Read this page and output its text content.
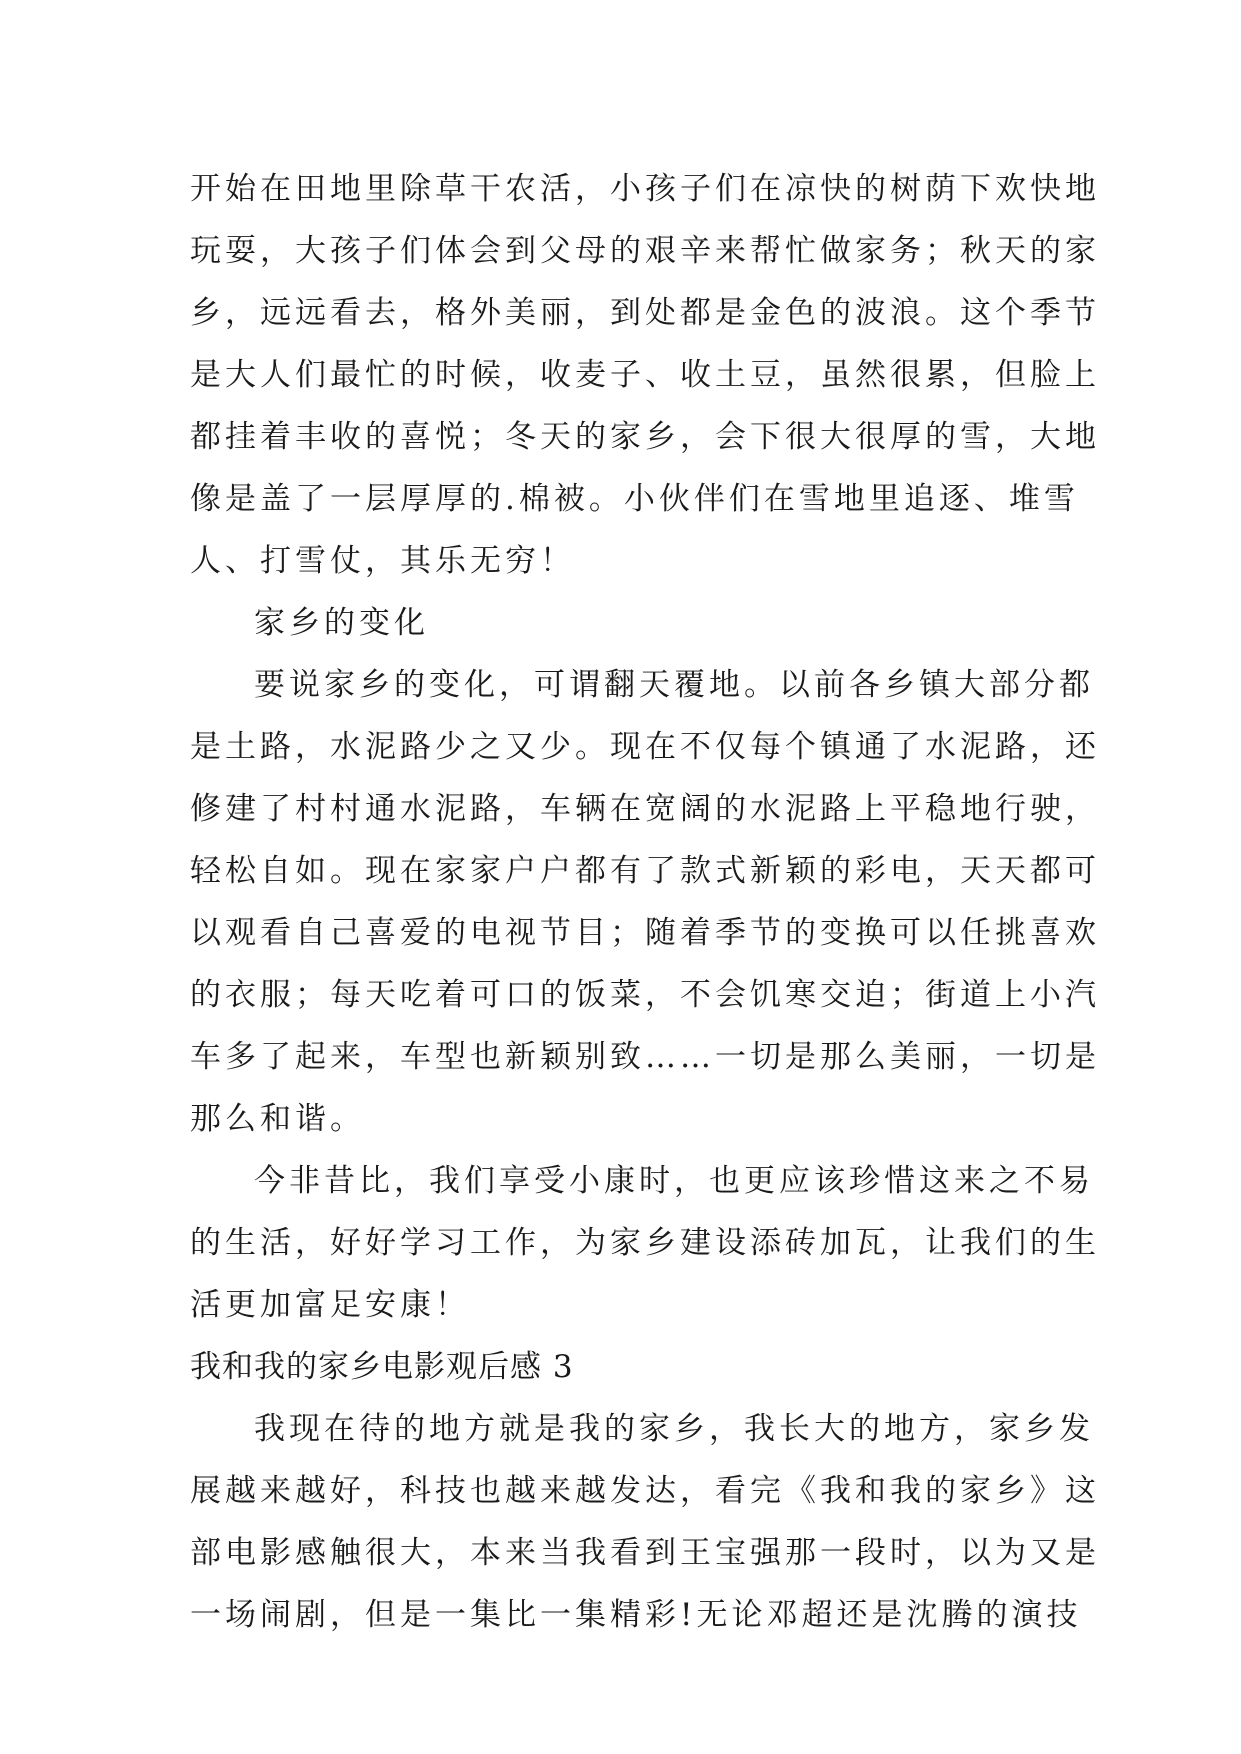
开始在田地里除草干农活，小孩子们在凉快的树荫下欢快地
玩耍，大孩子们体会到父母的艰辛来帮忙做家务；秋天的家
乡，远远看去，格外美丽，到处都是金色的波浪。这个季节
是大人们最忙的时候，收麦子、收土豆，虽然很累，但脸上
都挂着丰收的喜悦；冬天的家乡，会下很大很厚的雪，大地
像是盖了一层厚厚的.棉被。小伙伴们在雪地里追逐、堆雪
人、打雪仗，其乐无穷！
家乡的变化
要说家乡的变化，可谓翻天覆地。以前各乡镇大部分都
是土路，水泥路少之又少。现在不仅每个镇通了水泥路，还
修建了村村通水泥路，车辆在宽阔的水泥路上平稳地行驶，
轻松自如。现在家家户户都有了款式新颖的彩电，天天都可
以观看自己喜爱的电视节目；随着季节的变换可以任挑喜欢
的衣服；每天吃着可口的饭菜，不会饥寒交迫；街道上小汽
车多了起来，车型也新颖别致……一切是那么美丽，一切是
那么和谐。
今非昔比，我们享受小康时，也更应该珍惜这来之不易
的生活，好好学习工作，为家乡建设添砖加瓦，让我们的生
活更加富足安康！
我和我的家乡电影观后感 3
我现在待的地方就是我的家乡，我长大的地方，家乡发
展越来越好，科技也越来越发达，看完《我和我的家乡》这
部电影感触很大，本来当我看到王宝强那一段时，以为又是
一场闹剧，但是一集比一集精彩!无论邓超还是沈腾的演技
